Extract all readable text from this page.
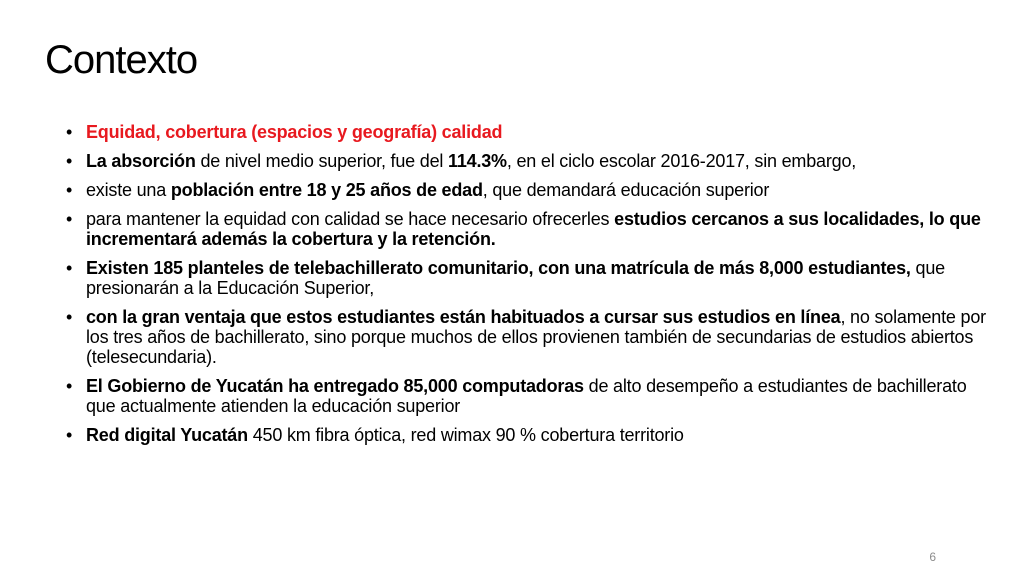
Contexto
• Equidad, cobertura (espacios y geografía) calidad
• La absorción de nivel medio superior, fue del 114.3%, en el ciclo escolar 2016-2017, sin embargo,
• existe una población entre 18 y 25 años de edad, que demandará educación superior
• para mantener la equidad con calidad se hace necesario ofrecerles estudios cercanos a sus localidades, lo que incrementará además la cobertura y la retención.
• Existen 185 planteles de telebachillerato comunitario, con una matrícula de más 8,000 estudiantes, que presionarán a la Educación Superior,
• con la gran ventaja que estos estudiantes están habituados a cursar sus estudios en línea, no solamente por los tres años de bachillerato, sino porque muchos de ellos provienen también de secundarias de estudios abiertos (telesecundaria).
• El Gobierno de Yucatán ha entregado 85,000 computadoras de alto desempeño a estudiantes de bachillerato que actualmente atienden la educación superior
• Red digital Yucatán 450 km fibra óptica, red wimax 90 % cobertura territorio
6
